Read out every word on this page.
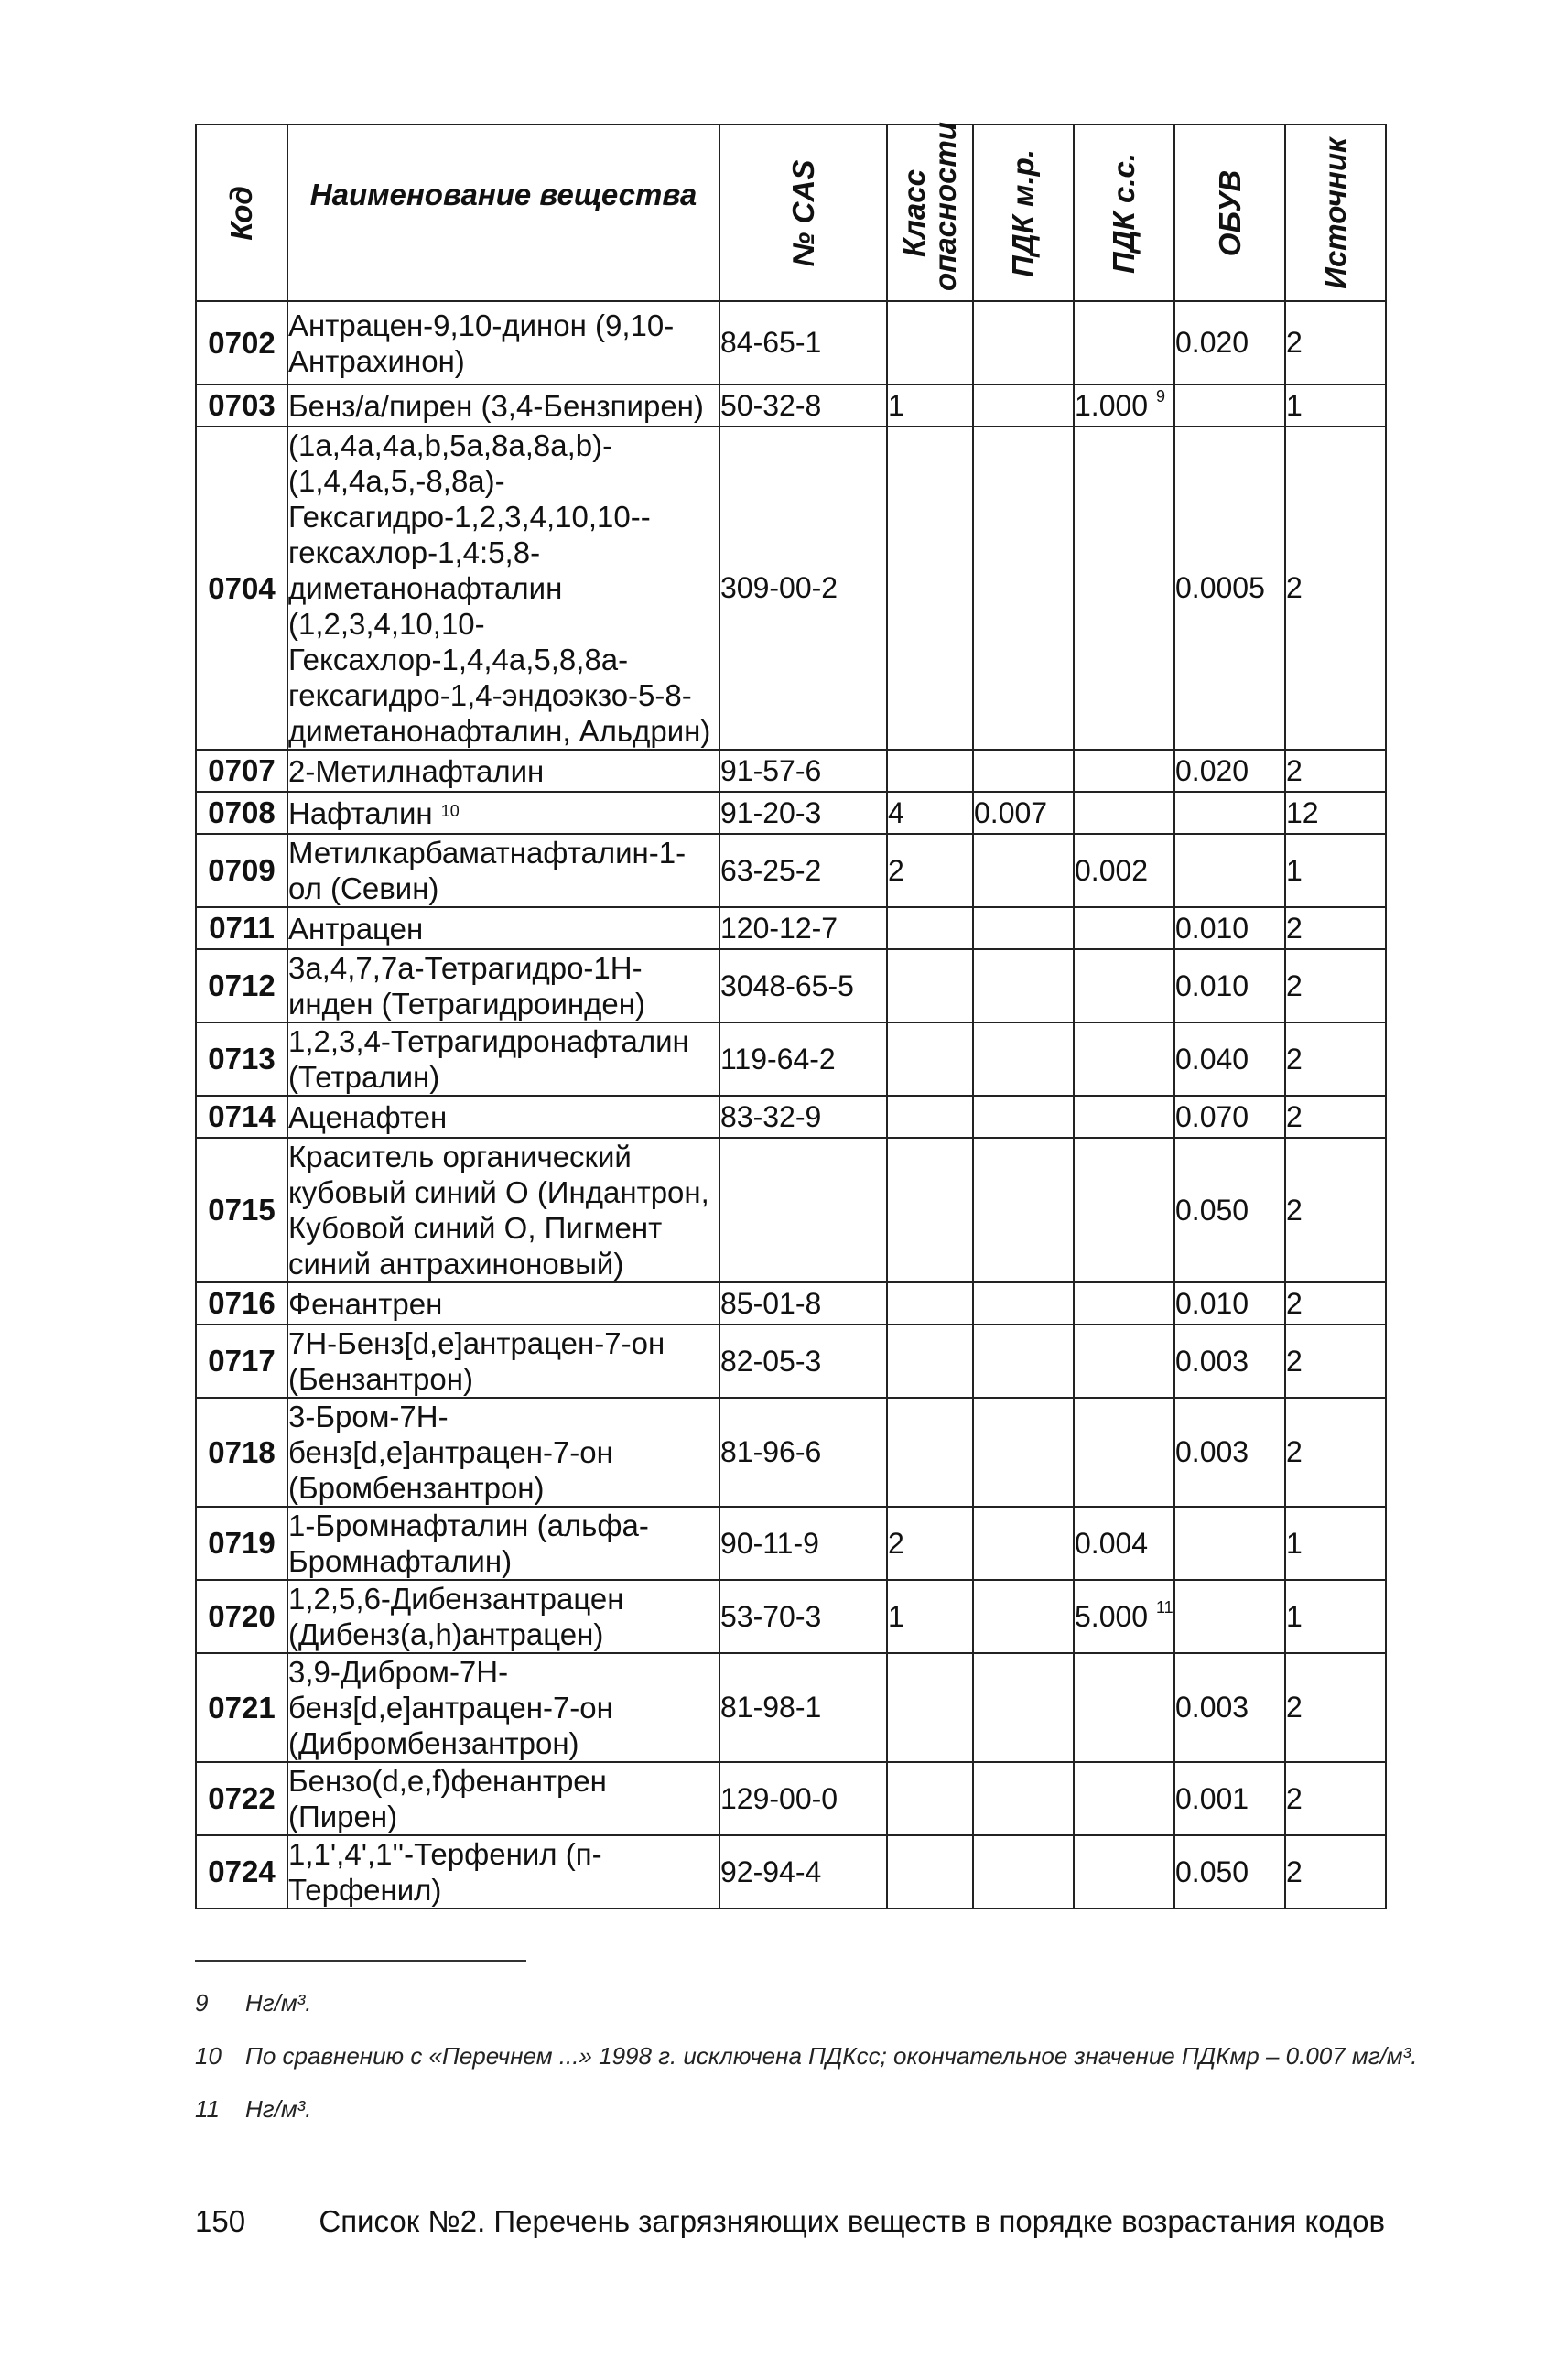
Код	Наименование вещества	№ CAS	Класс опасности	ПДК м.р.	ПДК с.с.	ОБУВ	Источник

0702	Антрацен-9,10-динон (9,10-Антрахинон)	84-65-1				0.020	2
0703	Бенз/а/пирен (3,4-Бензпирен)	50-32-8	1		1.000 $^9$		1
0704	(1a,4a,4a,b,5a,8a,8a,b)-(1,4,4a,5,-8,8a)-Гексагидро-1,2,3,4,10,10--гексахлор-1,4:5,8-диметанонафталин (1,2,3,4,10,10-Гексахлор-1,4,4a,5,8,8a-гексагидро-1,4-эндоэкзо-5-8-диметанонафталин, Альдрин)	309-00-2				0.0005	2
0707	2-Метилнафталин	91-57-6				0.020	2
0708	Нафталин $^{10}$	91-20-3	4	0.007			12
0709	Метилкарбаматнафталин-1-ол (Севин)	63-25-2	2		0.002		1
0711	Антрацен	120-12-7				0.010	2
0712	3a,4,7,7a-Тетрагидро-1Н-инден (Тетрагидроинден)	3048-65-5				0.010	2
0713	1,2,3,4-Тетрагидронафталин (Тетралин)	119-64-2				0.040	2
0714	Аценафтен	83-32-9				0.070	2
0715	Краситель органический кубовый синий О (Индантрон, Кубовой синий О, Пигмент синий антрахиноновый)					0.050	2
0716	Фенантрен	85-01-8				0.010	2
0717	7Н-Бенз[d,e]антрацен-7-он (Бензантрон)	82-05-3				0.003	2
0718	3-Бром-7Н-бенз[d,e]антрацен-7-он (Бромбензантрон)	81-96-6				0.003	2
0719	1-Бромнафталин (альфа-Бромнафталин)	90-11-9	2		0.004		1
0720	1,2,5,6-Дибензантрацен (Дибенз(a,h)антрацен)	53-70-3	1		5.000 $^{11}$		1
0721	3,9-Дибром-7Н-бенз[d,e]антрацен-7-он (Дибромбензантрон)	81-98-1				0.003	2
0722	Бензо(d,e,f)фенантрен (Пирен)	129-00-0				0.001	2
0724	1,1',4',1''-Терфенил (п-Терфенил)	92-94-4				0.050	2
9 Нг/м³.
10 По сравнению с «Перечнем ...» 1998 г. исключена ПДКсс; окончательное значение ПДКмр – 0.007 мг/м³.
11 Нг/м³.
150 Список №2. Перечень загрязняющих веществ в порядке возрастания кодов
